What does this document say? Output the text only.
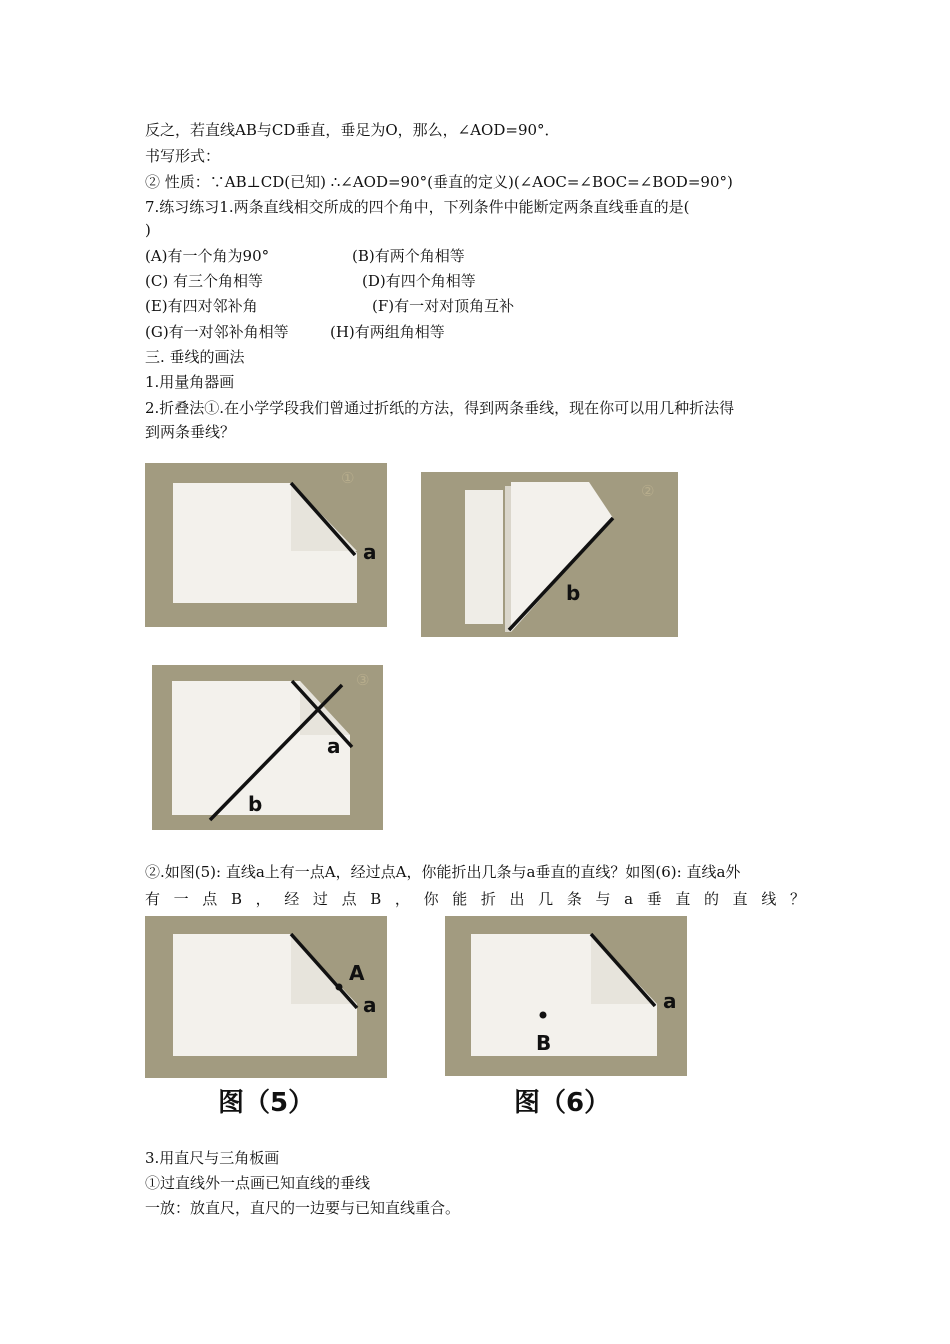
反之，若直线AB与CD垂直，垂足为O，那么，∠AOD=90°．
书写形式：
② 性质：∵AB⊥CD(已知) ∴∠AOD=90°(垂直的定义)(∠AOC=∠BOC=∠BOD=90°)
7.练习练习1.两条直线相交所成的四个角中，下列条件中能断定两条直线垂直的是(
)
(A)有一个角为90°	(B)有两个角相等
(C) 有三个角相等	(D)有四个角相等
(E)有四对邻补角	(F)有一对对顶角互补
(G)有一对邻补角相等	(H)有两组角相等
三. 垂线的画法
1.用量角器画
2.折叠法①.在小学学段我们曾通过折纸的方法，得到两条垂线，现在你可以用几种折法得
到两条垂线？
a
①
b
②
a
b
③
②.如图(5): 直线a上有一点A，经过点A，你能折出几条与a垂直的直线？如图(6): 直线a外
有一点B，经过点B，你能折出几条与a垂直的直线？
A
a
B
a
图（5）	图（6）
3.用直尺与三角板画
①过直线外一点画已知直线的垂线
一放：放直尺，直尺的一边要与已知直线重合。
